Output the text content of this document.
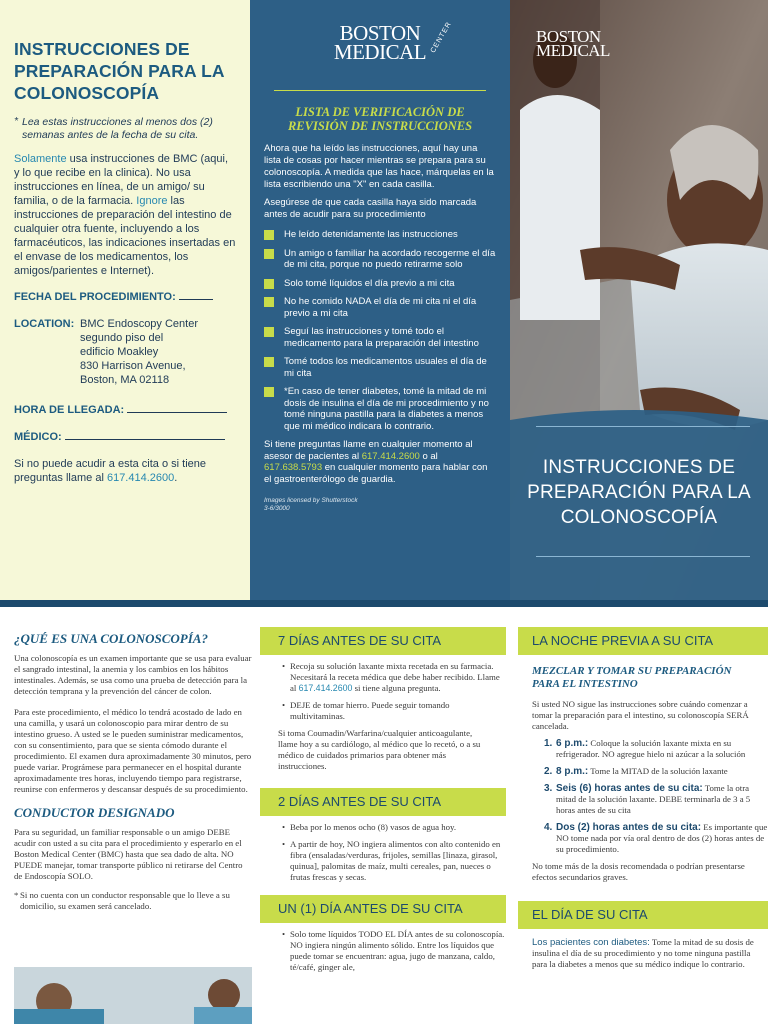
INSTRUCCIONES DE PREPARACIÓN PARA LA COLONOSCOPÍA
* Lea estas instrucciones al menos dos (2) semanas antes de la fecha de su cita.
Solamente usa instrucciones de BMC (aqui, y lo que recibe en la clinica). No usa instrucciones en línea, de un amigo/ su familia, o de la farmacia. Ignore las instrucciones de preparación del intestino de cualquier otra fuente, incluyendo a los farmacéuticos, las indicaciones insertadas en el envase de los medicamentos, los amigos/parientes e Internet).
FECHA DEL PROCEDIMIENTO:
LOCATION: BMC Endoscopy Center
segundo piso del
edificio Moakley
830 Harrison Avenue,
Boston, MA 02118
HORA DE LLEGADA:
MÉDICO:
Si no puede acudir a esta cita o si tiene preguntas llame al 617.414.2600.
BOSTON
MEDICAL CENTER
LISTA DE VERIFICACIÓN DE REVISIÓN DE INSTRUCCIONES
Ahora que ha leído las instrucciones, aquí hay una lista de cosas por hacer mientras se prepara para su colonoscopía. A medida que las hace, márquelas en la lista escribiendo una "X" en cada casilla.
Asegúrese de que cada casilla haya sido marcada antes de acudir para su procedimiento
He leído detenidamente las instrucciones
Un amigo o familiar ha acordado recogerme el día de mi cita, porque no puedo retirarme solo
Solo tomé líquidos el día previo a mi cita
No he comido NADA el día de mi cita ni el día previo a mi cita
Seguí las instrucciones y tomé todo el medicamento para la preparación del intestino
Tomé todos los medicamentos usuales el día de mi cita
*En caso de tener diabetes, tomé la mitad de mi dosis de insulina el día de mi procedimiento y no tomé ninguna pastilla para la diabetes a menos que mi médico indicara lo contrario.
Si tiene preguntas llame en cualquier momento al asesor de pacientes al 617.414.2600 o al 617.638.5793 en cualquier momento para hablar con el gastroenterólogo de guardia.
Images licensed by Shutterstock
3-6/3000
BOSTON
MEDICAL
INSTRUCCIONES DE PREPARACIÓN PARA LA COLONOSCOPÍA
¿QUÉ ES UNA COLONOSCOPÍA?
Una colonoscopía es un examen importante que se usa para evaluar el sangrado intestinal, la anemia y los cambios en los hábitos intestinales. Además, se usa como una prueba de detección para la detección temprana y la prevención del cáncer de colon.
Para este procedimiento, el médico lo tendrá acostado de lado en una camilla, y usará un colonoscopio para mirar dentro de su intestino grueso. A usted se le pueden suministrar medicamentos, con su consentimiento, para que se sienta cómodo durante el procedimiento. El examen dura aproximadamente 30 minutos, pero puede variar. Prográmese para permanecer en el hospital durante aproximadamente tres horas, incluyendo tiempo para registrarse, reunirse con enfermeros y descansar después de su procedimiento.
CONDUCTOR DESIGNADO
Para su seguridad, un familiar responsable o un amigo DEBE acudir con usted a su cita para el procedimiento y esperarlo en el Boston Medical Center (BMC) hasta que sea dado de alta. NO PUEDE manejar, tomar transporte público ni retirarse del Centro de Endoscopía SOLO.
* Si no cuenta con un conductor responsable que lo lleve a su domicilio, su examen será cancelado.
7 DÍAS ANTES DE SU CITA
• Recoja su solución laxante mixta recetada en su farmacia. Necesitará la receta médica que debe haber recibido. Llame al 617.414.2600 si tiene alguna pregunta.
• DEJE de tomar hierro. Puede seguir tomando multivitaminas.
Si toma Coumadin/Warfarina/cualquier anticoagulante, llame hoy a su cardiólogo, al médico que lo recetó, o a su médico de cuidados primarios para obtener más instrucciones.
2 DÍAS ANTES DE SU CITA
• Beba por lo menos ocho (8) vasos de agua hoy.
• A partir de hoy, NO ingiera alimentos con alto contenido en fibra (ensaladas/verduras, frijoles, semillas [linaza, girasol, quinua], palomitas de maíz, multi cereales, pan, nueces o frutas frescas y secas.
UN (1) DÍA ANTES DE SU CITA
• Solo tome líquidos TODO EL DÍA antes de su colonoscopía. NO ingiera ningún alimento sólido. Entre los líquidos que puede tomar se encuentran: agua, jugo de manzana, caldo, té/café, ginger ale,
LA NOCHE PREVIA A SU CITA
MEZCLAR Y TOMAR SU PREPARACIÓN PARA EL INTESTINO
Si usted NO sigue las instrucciones sobre cuándo comenzar a tomar la preparación para el intestino, su colonoscopía SERÁ cancelada.
1. 6 p.m.: Coloque la solución laxante mixta en su refrigerador. NO agregue hielo ni azúcar a la solución
2. 8 p.m.: Tome la MITAD de la solución laxante
3. Seis (6) horas antes de su cita: Tome la otra mitad de la solución laxante. DEBE terminarla de 3 a 5 horas antes de su cita
4. Dos (2) horas antes de su cita: Es importante que NO tome nada por vía oral dentro de dos (2) horas antes de su procedimiento.
No tome más de la dosis recomendada o podrían presentarse efectos secundarios graves.
EL DÍA DE SU CITA
Los pacientes con diabetes: Tome la mitad de su dosis de insulina el día de su procedimiento y no tome ninguna pastilla para la diabetes a menos que su médico indique lo contrario.
